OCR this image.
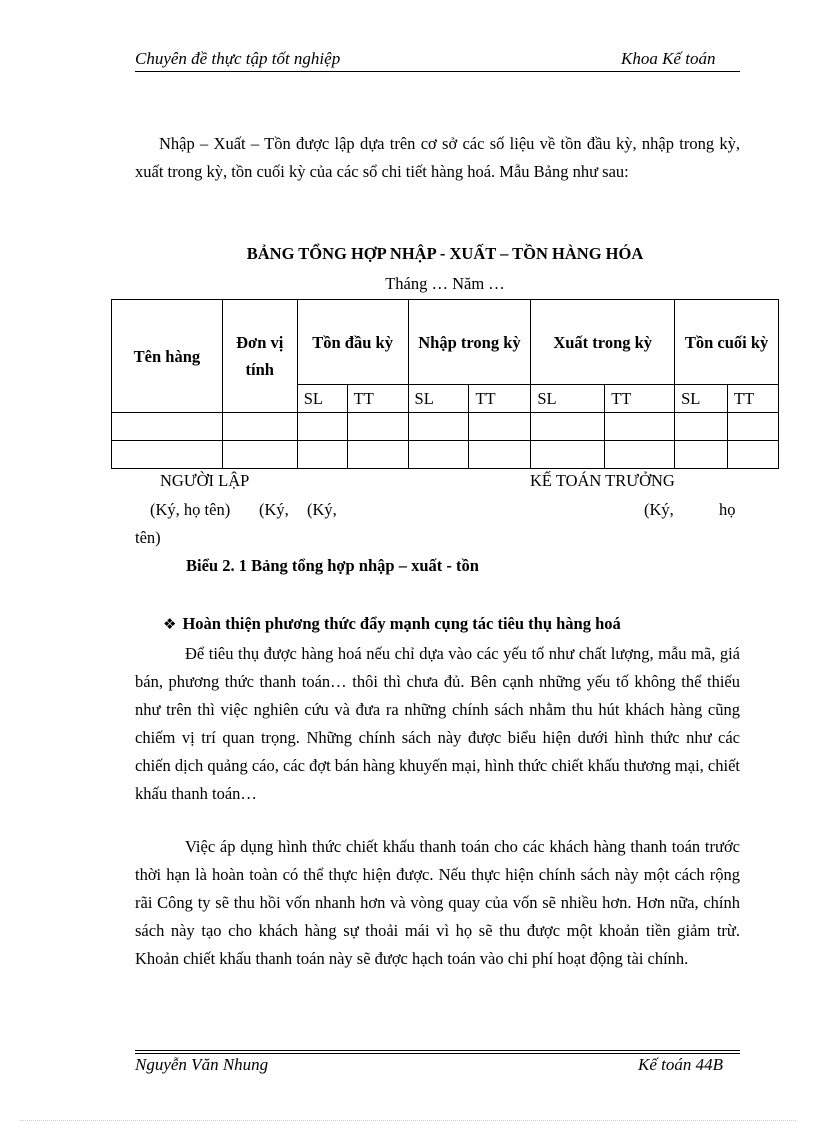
Chuyên đề thực tập tốt nghiệp	Khoa Kế toán
Nhập – Xuất – Tồn được lập dựa trên cơ sở các số liệu về tồn đầu kỳ, nhập trong kỳ, xuất trong kỳ, tồn cuối kỳ của các sổ chi tiết hàng hoá. Mẫu Bảng như sau:
BẢNG TỔNG HỢP NHẬP - XUẤT – TỒN HÀNG HÓA
Tháng … Năm …
Tên hàng	Đơn vị tính	Tồn đầu kỳ		Nhập trong kỳ		Xuất trong kỳ		Tồn cuối kỳ	
		SL	TT	SL	TT	SL	TT	SL	TT

NGƯỜI LẬP	KẾ TOÁN TRƯỞNG
(Ký, họ tên) (Ký, (Ký,	(Ký,	họ
tên)
Biểu 2. 1 Bảng tổng hợp nhập – xuất - tồn
❖ Hoàn thiện phương thức đẩy mạnh cụng tác tiêu thụ hàng hoá
Để tiêu thụ được hàng hoá nếu chỉ dựa vào các yếu tố như chất lượng, mẫu mã, giá bán, phương thức thanh toán… thôi thì chưa đủ. Bên cạnh những yếu tố không thể thiếu như trên thì việc nghiên cứu và đưa ra những chính sách nhằm thu hút khách hàng cũng chiếm vị trí quan trọng. Những chính sách này được biểu hiện dưới hình thức như các chiến dịch quảng cáo, các đợt bán hàng khuyến mại, hình thức chiết khấu thương mại, chiết khấu thanh toán…
Việc áp dụng hình thức chiết khấu thanh toán cho các khách hàng thanh toán trước thời hạn là hoàn toàn có thể thực hiện được. Nếu thực hiện chính sách này một cách rộng rãi Công ty sẽ thu hồi vốn nhanh hơn và vòng quay của vốn sẽ nhiều hơn. Hơn nữa, chính sách này tạo cho khách hàng sự thoải mái vì họ sẽ thu được một khoản tiền giảm trừ. Khoản chiết khấu thanh toán này sẽ được hạch toán vào chi phí hoạt động tài chính.
Nguyễn Văn Nhung	Kế toán 44B
